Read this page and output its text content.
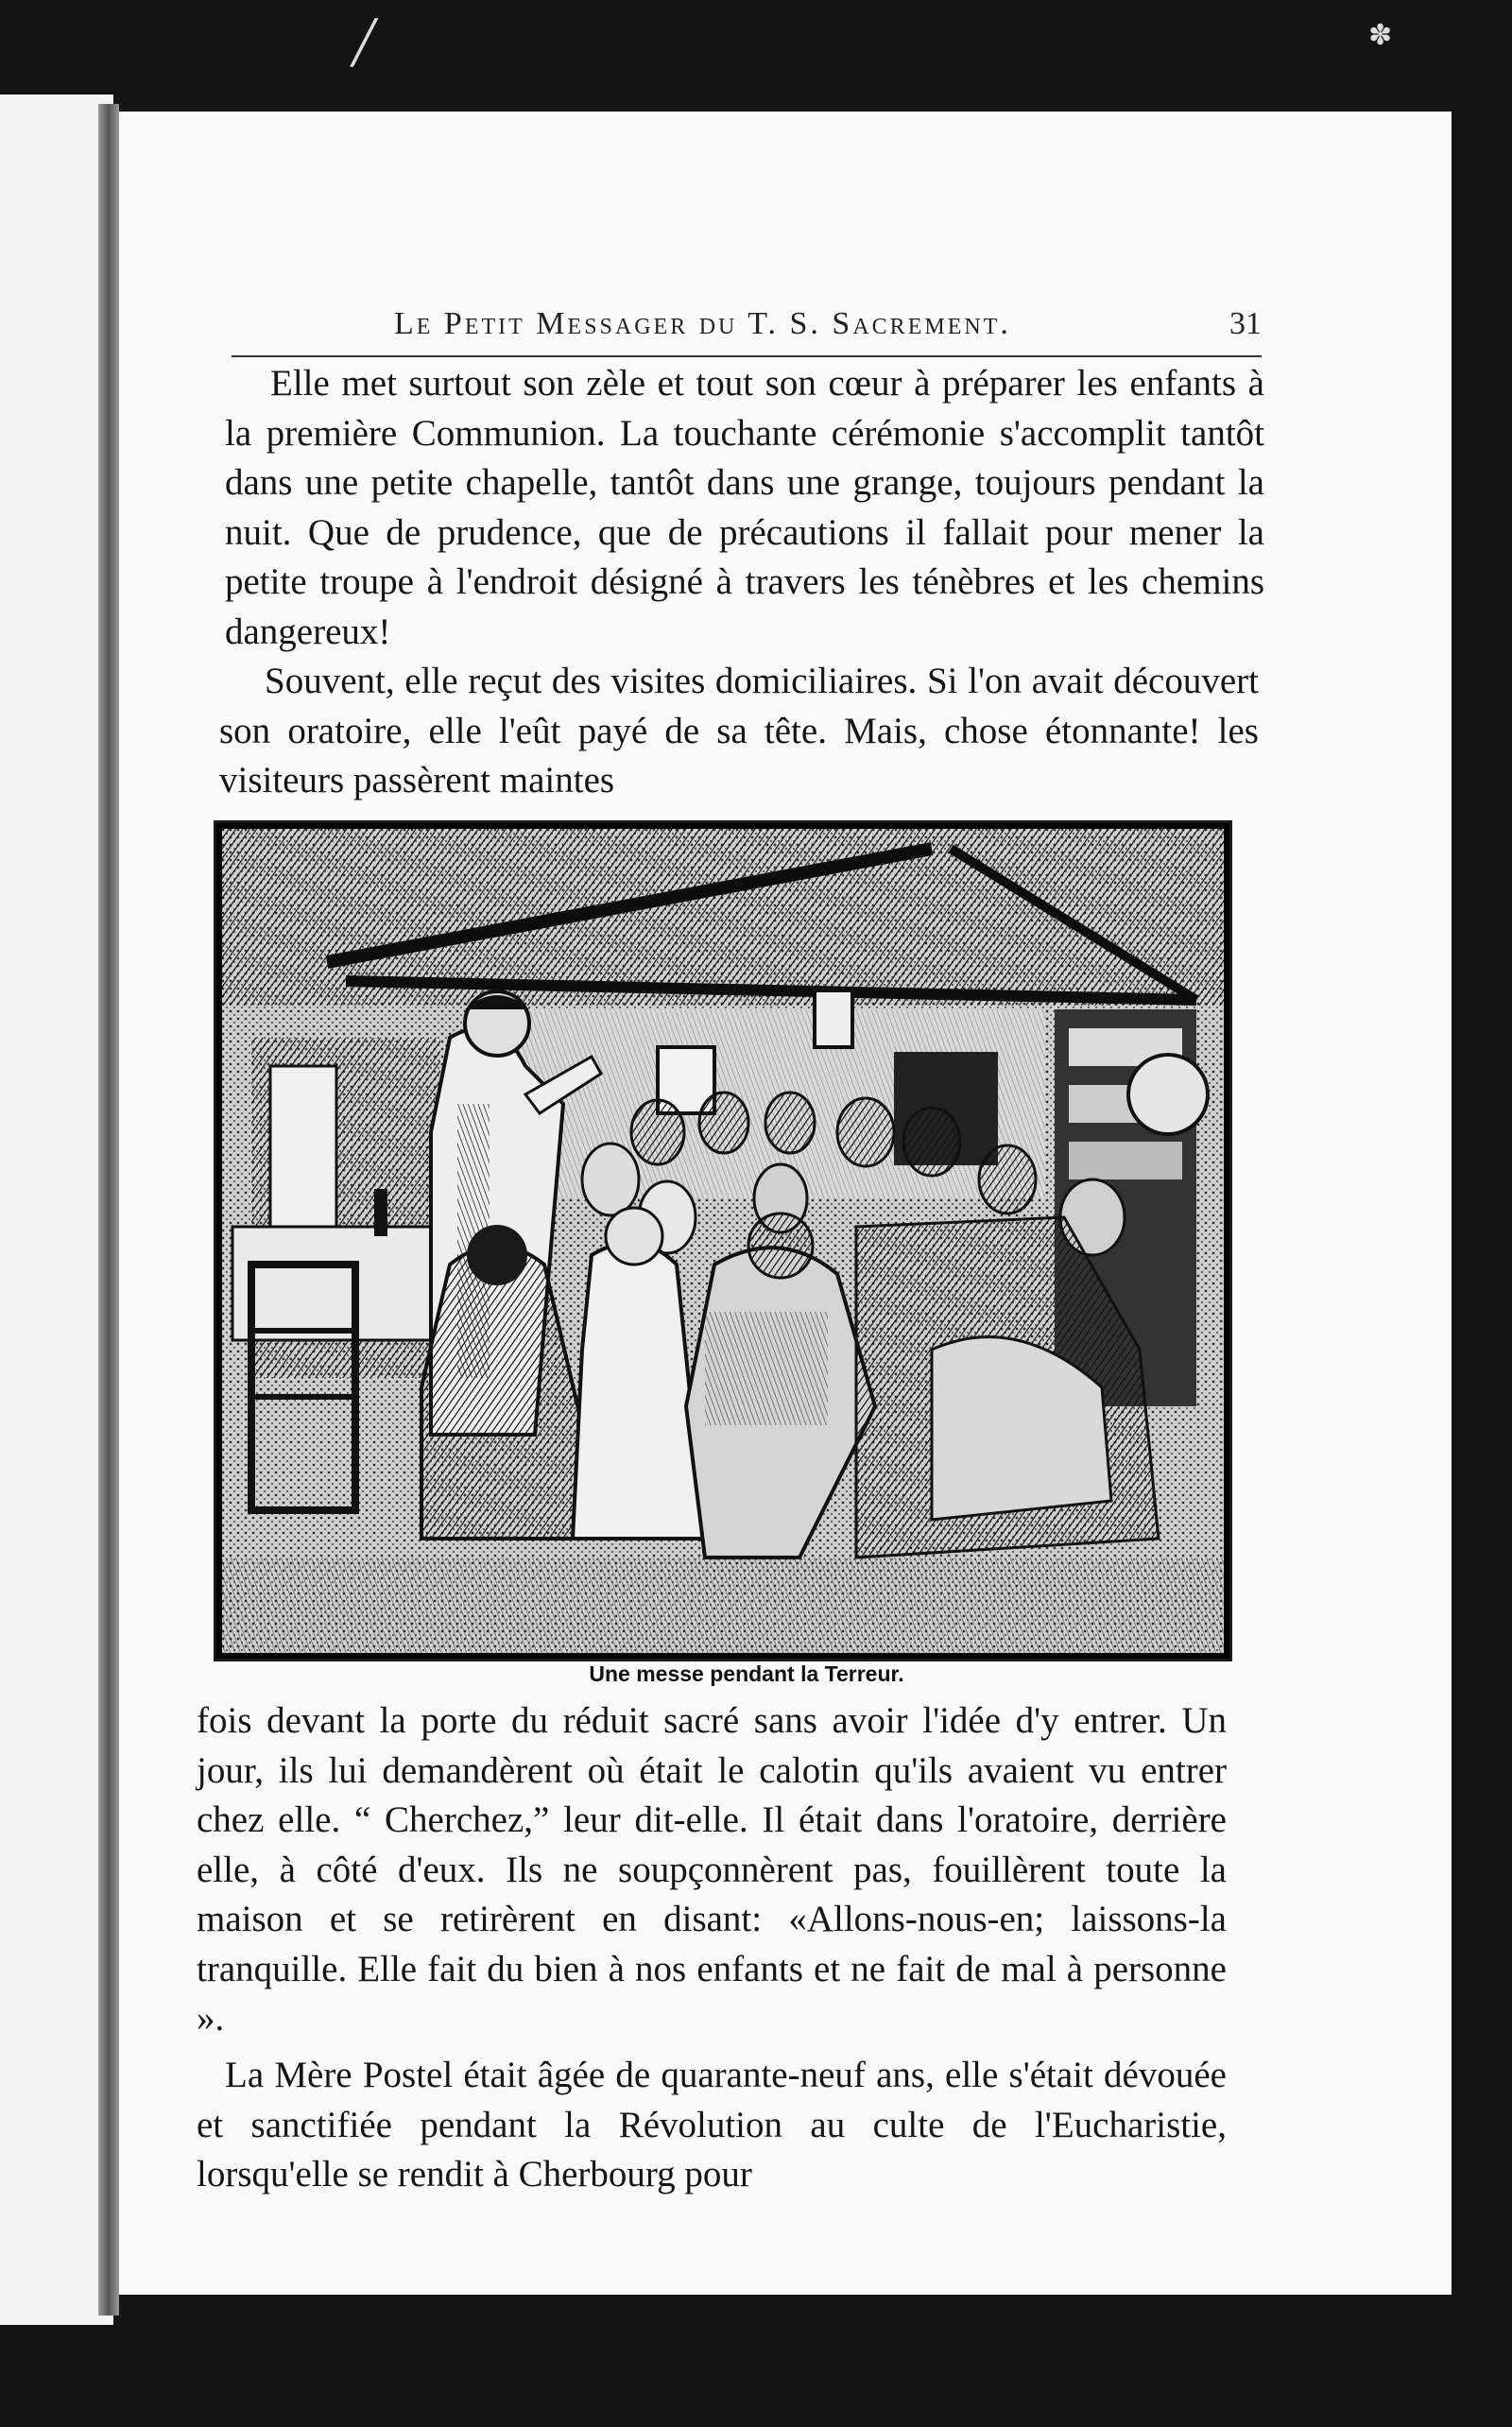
╱	✽
Le Petit Messager du T. S. Sacrement.	31

Elle met surtout son zèle et tout son cœur à préparer les enfants à la première Communion. La touchante cérémonie s'accomplit tantôt dans une petite chapelle, tantôt dans une grange, toujours pendant la nuit. Que de prudence, que de précautions il fallait pour mener la petite troupe à l'endroit désigné à travers les ténèbres et les chemins dangereux!

Souvent, elle reçut des visites domiciliaires. Si l'on avait découvert son oratoire, elle l'eût payé de sa tête. Mais, chose étonnante! les visiteurs passèrent maintes

Une messe pendant la Terreur.

fois devant la porte du réduit sacré sans avoir l'idée d'y entrer. Un jour, ils lui demandèrent où était le calotin qu'ils avaient vu entrer chez elle. “ Cherchez,” leur dit-elle. Il était dans l'oratoire, derrière elle, à côté d'eux. Ils ne soupçonnèrent pas, fouillèrent toute la maison et se retirèrent en disant: «Allons-nous-en; laissons-la tranquille. Elle fait du bien à nos enfants et ne fait de mal à personne ».

La Mère Postel était âgée de quarante-neuf ans, elle s'était dévouée et sanctifiée pendant la Révolution au culte de l'Eucharistie, lorsqu'elle se rendit à Cherbourg pour
